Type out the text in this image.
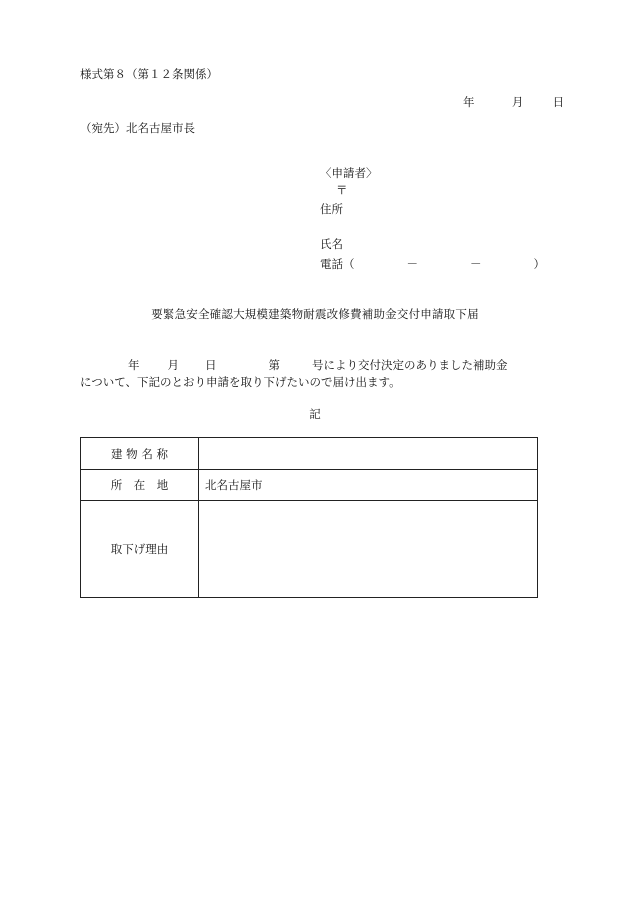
様式第８（第１２条関係）
年	月	日
（宛先）北名古屋市長
〈申請者〉
〒
住所
氏名
電話（	－	－	）
要緊急安全確認大規模建築物耐震改修費補助金交付申請取下届
年 月 日	第	号により交付決定のありました補助金
について、下記のとおり申請を取り下げたいので届け出ます。
記
建 物 名 称	
所　在　地	北名古屋市
取下げ理由	
